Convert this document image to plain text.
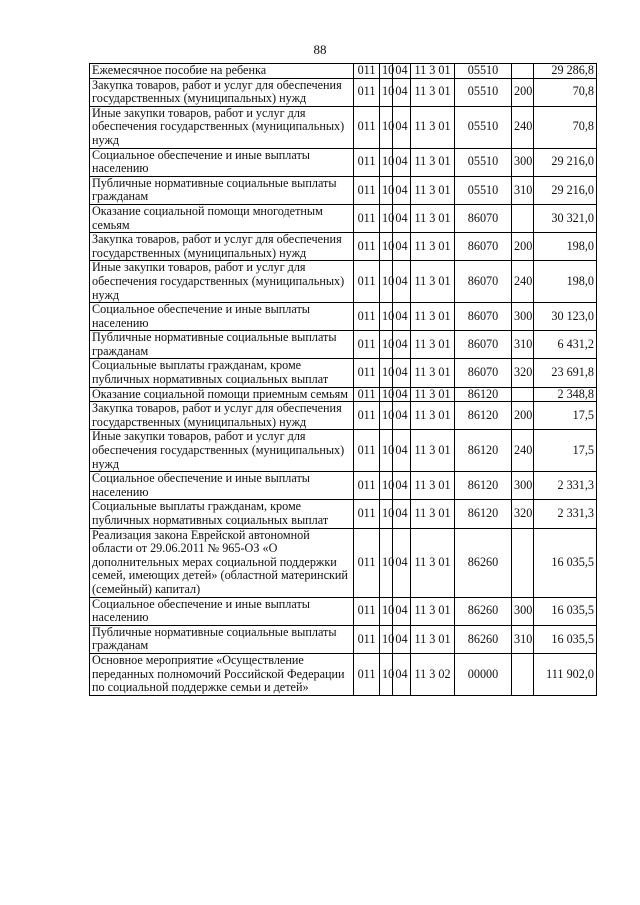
88
Ежемесячное пособие на ребенка	011	10	04	11 3 01	05510		29 286,8
Закупка товаров, работ и услуг для обеспечения государственных (муниципальных) нужд	011	10	04	11 3 01	05510	200	70,8
Иные закупки товаров, работ и услуг для обеспечения государственных (муниципальных) нужд	011	10	04	11 3 01	05510	240	70,8
Социальное обеспечение и иные выплаты населению	011	10	04	11 3 01	05510	300	29 216,0
Публичные нормативные социальные выплаты гражданам	011	10	04	11 3 01	05510	310	29 216,0
Оказание социальной помощи многодетным семьям	011	10	04	11 3 01	86070		30 321,0
Закупка товаров, работ и услуг для обеспечения государственных (муниципальных) нужд	011	10	04	11 3 01	86070	200	198,0
Иные закупки товаров, работ и услуг для обеспечения государственных (муниципальных) нужд	011	10	04	11 3 01	86070	240	198,0
Социальное обеспечение и иные выплаты населению	011	10	04	11 3 01	86070	300	30 123,0
Публичные нормативные социальные выплаты гражданам	011	10	04	11 3 01	86070	310	6 431,2
Социальные выплаты гражданам, кроме публичных нормативных социальных выплат	011	10	04	11 3 01	86070	320	23 691,8
Оказание социальной помощи приемным семьям	011	10	04	11 3 01	86120		2 348,8
Закупка товаров, работ и услуг для обеспечения государственных (муниципальных) нужд	011	10	04	11 3 01	86120	200	17,5
Иные закупки товаров, работ и услуг для обеспечения государственных (муниципальных) нужд	011	10	04	11 3 01	86120	240	17,5
Социальное обеспечение и иные выплаты населению	011	10	04	11 3 01	86120	300	2 331,3
Социальные выплаты гражданам, кроме публичных нормативных социальных выплат	011	10	04	11 3 01	86120	320	2 331,3
Реализация закона Еврейской автономной области от 29.06.2011 № 965-ОЗ «О дополнительных мерах социальной поддержки семей, имеющих детей» (областной материнский (семейный) капитал)	011	10	04	11 3 01	86260		16 035,5
Социальное обеспечение и иные выплаты населению	011	10	04	11 3 01	86260	300	16 035,5
Публичные нормативные социальные выплаты гражданам	011	10	04	11 3 01	86260	310	16 035,5
Основное мероприятие «Осуществление переданных полномочий Российской Федерации по социальной поддержке семьи и детей»	011	10	04	11 3 02	00000		111 902,0
